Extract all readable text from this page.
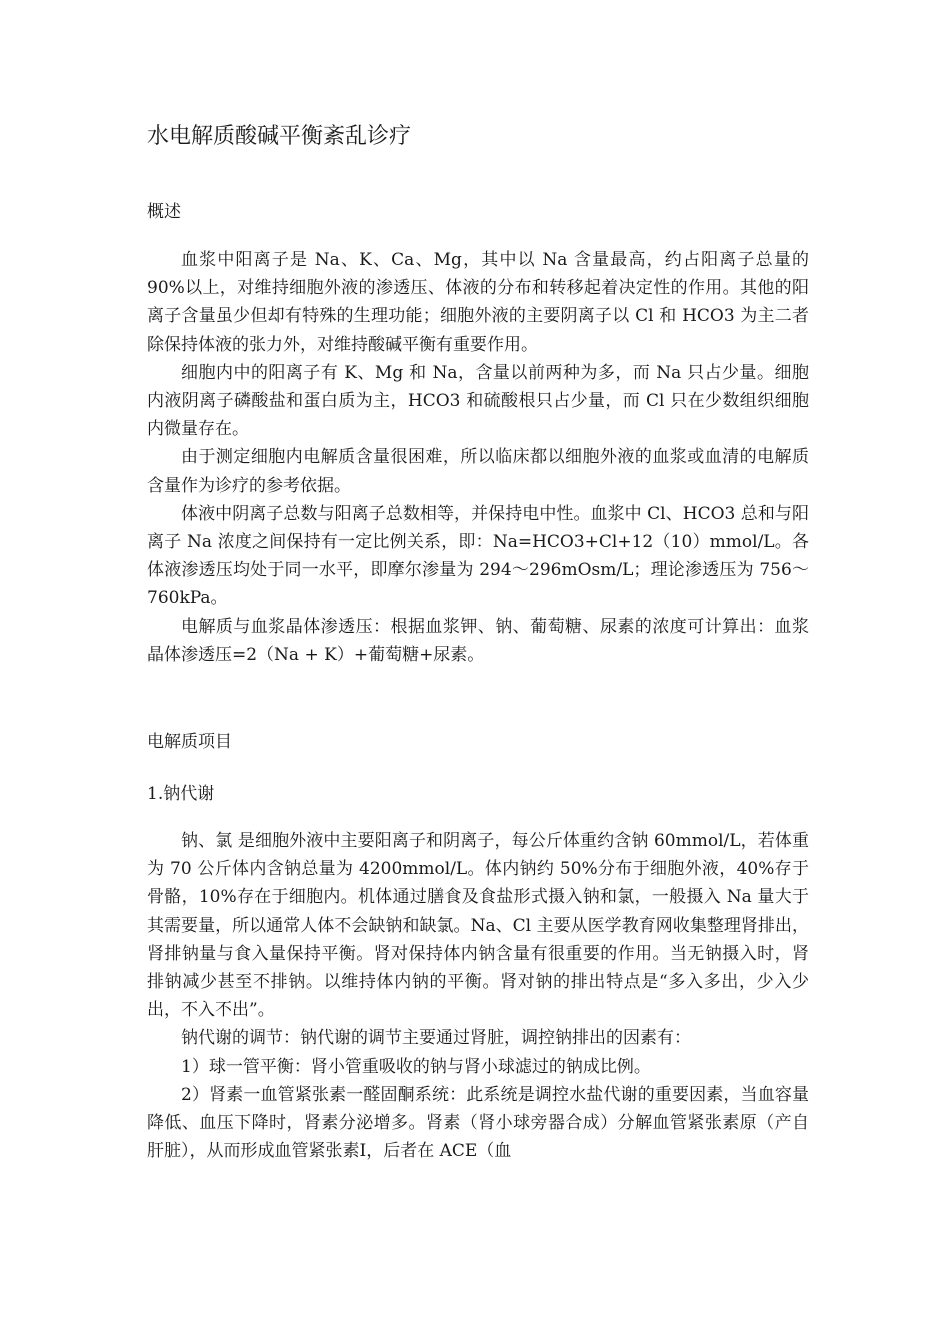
水电解质酸碱平衡紊乱诊疗
概述

血浆中阳离子是 Na、K、Ca、Mg，其中以 Na 含量最高，约占阳离子总量的 90%以上，对维持细胞外液的渗透压、体液的分布和转移起着决定性的作用。其他的阳离子含量虽少但却有特殊的生理功能；细胞外液的主要阴离子以 Cl 和 HCO3 为主二者除保持体液的张力外，对维持酸碱平衡有重要作用。

细胞内中的阳离子有 K、Mg 和 Na，含量以前两种为多，而 Na 只占少量。细胞内液阴离子磷酸盐和蛋白质为主，HCO3 和硫酸根只占少量，而 Cl 只在少数组织细胞内微量存在。

由于测定细胞内电解质含量很困难，所以临床都以细胞外液的血浆或血清的电解质含量作为诊疗的参考依据。

体液中阴离子总数与阳离子总数相等，并保持电中性。血浆中 Cl、HCO3 总和与阳离子 Na 浓度之间保持有一定比例关系，即：Na=HCO3+Cl+12（10）mmol/L。各体液渗透压均处于同一水平，即摩尔渗量为 294～296mOsm/L；理论渗透压为 756～760kPa。

电解质与血浆晶体渗透压：根据血浆钾、钠、葡萄糖、尿素的浓度可计算出：血浆晶体渗透压=2（Na + K）+葡萄糖+尿素。

电解质项目
1.钠代谢

钠、氯 是细胞外液中主要阳离子和阴离子，每公斤体重约含钠 60mmol/L，若体重为 70 公斤体内含钠总量为 4200mmol/L。体内钠约 50%分布于细胞外液，40%存于骨骼，10%存在于细胞内。机体通过膳食及食盐形式摄入钠和氯，一般摄入 Na 量大于其需要量，所以通常人体不会缺钠和缺氯。Na、Cl 主要从医学教育网收集整理肾排出，肾排钠量与食入量保持平衡。肾对保持体内钠含量有很重要的作用。当无钠摄入时，肾排钠减少甚至不排钠。以维持体内钠的平衡。肾对钠的排出特点是“多入多出，少入少出，不入不出”。

钠代谢的调节：钠代谢的调节主要通过肾脏，调控钠排出的因素有：

1）球一管平衡：肾小管重吸收的钠与肾小球滤过的钠成比例。

2）肾素一血管紧张素一醛固酮系统：此系统是调控水盐代谢的重要因素，当血容量降低、血压下降时，肾素分泌增多。肾素（肾小球旁器合成）分解血管紧张素原（产自肝脏），从而形成血管紧张素Ⅰ，后者在 ACE（血
